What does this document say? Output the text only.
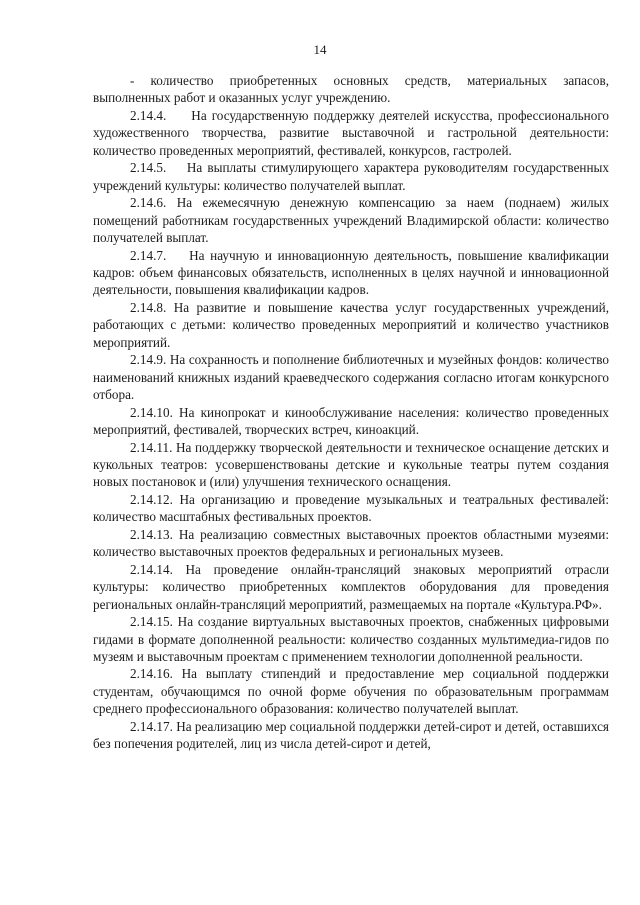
14

- количество приобретенных основных средств, материальных запасов, выполненных работ и оказанных услуг учреждению.

2.14.4.     На государственную поддержку деятелей искусства, профессионального художественного творчества, развитие выставочной и гастрольной деятельности: количество проведенных мероприятий, фестивалей, конкурсов, гастролей.

2.14.5.    На выплаты стимулирующего характера руководителям государственных учреждений культуры: количество получателей выплат.

2.14.6. На ежемесячную денежную компенсацию за наем (поднаем) жилых помещений работникам государственных учреждений Владимирской области: количество получателей выплат.

2.14.7.    На научную и инновационную деятельность, повышение квалификации кадров: объем финансовых обязательств, исполненных в целях научной и инновационной деятельности, повышения квалификации кадров.

2.14.8. На развитие и повышение качества услуг государственных учреждений, работающих с детьми: количество проведенных мероприятий и количество участников мероприятий.

2.14.9. На сохранность и пополнение библиотечных и музейных фондов: количество наименований книжных изданий краеведческого содержания согласно итогам конкурсного отбора.

2.14.10. На кинопрокат и кинообслуживание населения: количество проведенных мероприятий, фестивалей, творческих встреч, киноакций.

2.14.11. На поддержку творческой деятельности и техническое оснащение детских и кукольных театров: усовершенствованы детские и кукольные театры путем создания новых постановок и (или) улучшения технического оснащения.

2.14.12. На организацию и проведение музыкальных и театральных фестивалей: количество масштабных фестивальных проектов.

2.14.13. На реализацию совместных выставочных проектов областными музеями: количество выставочных проектов федеральных и региональных музеев.

2.14.14. На проведение онлайн-трансляций знаковых мероприятий отрасли культуры: количество приобретенных комплектов оборудования для проведения региональных онлайн-трансляций мероприятий, размещаемых на портале «Культура.РФ».

2.14.15. На создание виртуальных выставочных проектов, снабженных цифровыми гидами в формате дополненной реальности: количество созданных мультимедиа-гидов по музеям и выставочным проектам с применением технологии дополненной реальности.

2.14.16. На выплату стипендий и предоставление мер социальной поддержки студентам, обучающимся по очной форме обучения по образовательным программам среднего профессионального образования: количество получателей выплат.

2.14.17. На реализацию мер социальной поддержки детей-сирот и детей, оставшихся без попечения родителей, лиц из числа детей-сирот и детей,
